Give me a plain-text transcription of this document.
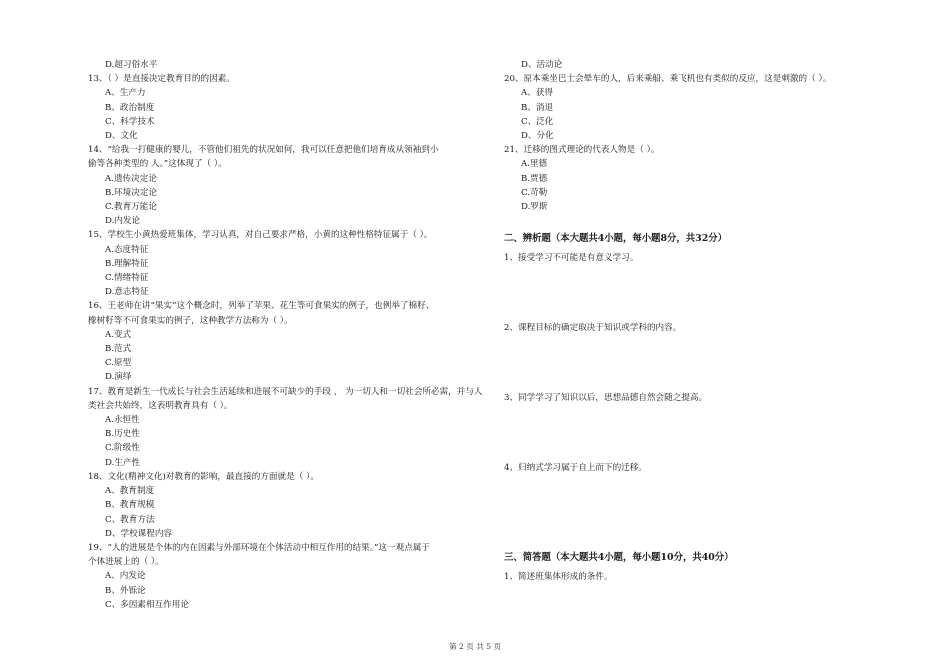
D.超习俗水平
13、（ ）是直接决定教育目的的因素。
A、生产力
B、政治制度
C、科学技术
D、文化
14、“给我一打健康的婴儿，不管他们祖先的状况如何，我可以任意把他们培育成从领袖到小
偷等各种类型的 人。”这体现了（ ）。
A.遗传决定论
B.环境决定论
C.教育万能论
D.内发论
15、学校生小黄热爱班集体，学习认真，对自己要求严格，小黄的这种性格特征属于（ ）。
A.态度特征
B.理解特征
C.情绪特征
D.意志特征
16、王老师在讲“果实”这个概念时，列举了苹果、花生等可食果实的例子，也例举了棉籽、
橡树籽等不可食果实的例子，这种教学方法称为（ ）。
A.变式
B.范式
C.原型
D.演绎
17、教育是新生一代成长与社会生活延续和进展不可缺少的手段 ， 为一切人和一切社会所必需，并与人类社会共始终，这表明教育具有（ ）。
A.永恒性
B.历史性
C.阶级性
D.生产性
18、文化(精神文化)对教育的影响，最直接的方面就是（ ）。
A、教育制度
B、教育规模
C、教育方法
D、学校课程内容
19、“人的进展是个体的内在因素与外部环境在个体活动中相互作用的结果。”这一观点属于
个体进展上的（ ）。
A、内发论
B、外铄论
C、多因素相互作用论
D、活动论
20、原本乘坐巴士会晕车的人，后来乘船、乘飞机也有类似的反应，这是刺激的（ ）。
A、获得
B、消退
C、泛化
D、分化
21、迁移的图式理论的代表人物是（ ）。
A.里德
B.贾德
C.苛勒
D.罗斯
二、辨析题（本大题共4小题，每小题8分，共32分）
1、接受学习不可能是有意义学习。
2、课程目标的确定取决于知识或学科的内容。
3、同学学习了知识以后，思想品德自然会随之提高。
4、归纳式学习属于自上而下的迁移。
三、简答题（本大题共4小题，每小题10分，共40分）
1、简述班集体形成的条件。
第 2 页 共 5 页
